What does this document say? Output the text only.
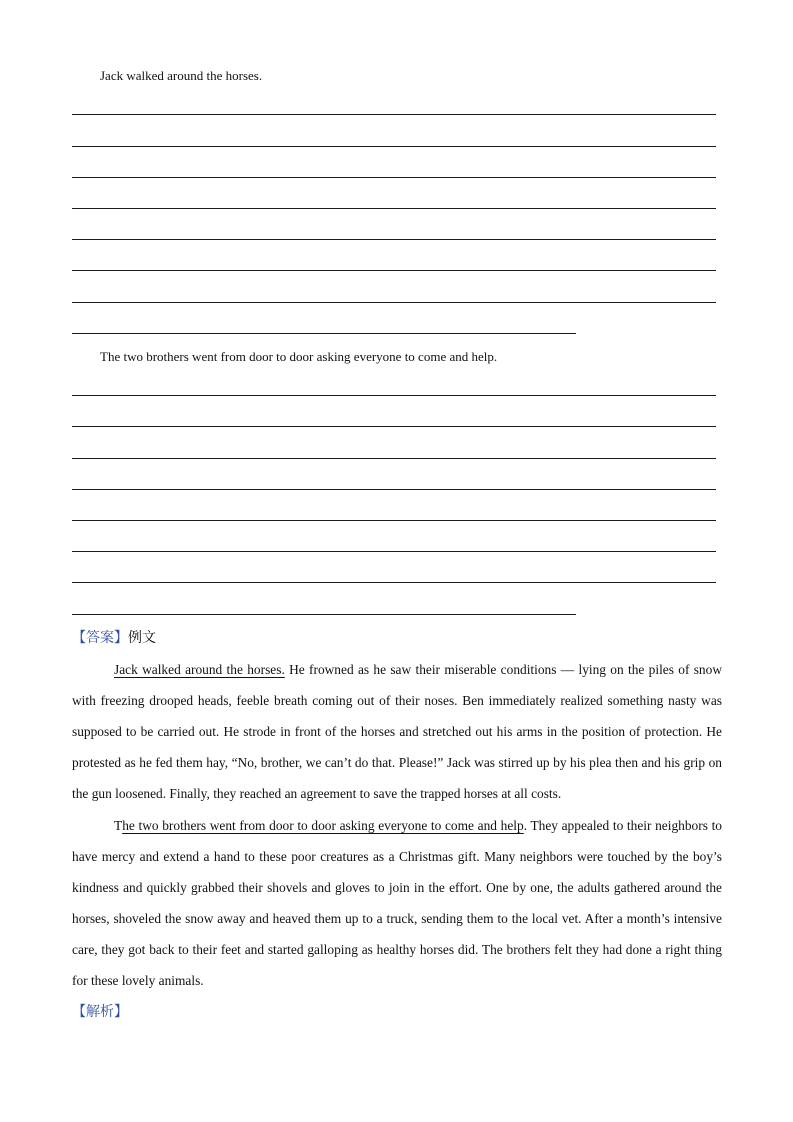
Jack walked around the horses.
The two brothers went from door to door asking everyone to come and help.
【答案】例文

Jack walked around the horses. He frowned as he saw their miserable conditions — lying on the piles of snow with freezing drooped heads, feeble breath coming out of their noses. Ben immediately realized something nasty was supposed to be carried out. He strode in front of the horses and stretched out his arms in the position of protection. He protested as he fed them hay, “No, brother, we can’t do that. Please!” Jack was stirred up by his plea then and his grip on the gun loosened. Finally, they reached an agreement to save the trapped horses at all costs.

The two brothers went from door to door asking everyone to come and help. They appealed to their neighbors to have mercy and extend a hand to these poor creatures as a Christmas gift. Many neighbors were touched by the boy’s kindness and quickly grabbed their shovels and gloves to join in the effort. One by one, the adults gathered around the horses, shoveled the snow away and heaved them up to a truck, sending them to the local vet. After a month’s intensive care, they got back to their feet and started galloping as healthy horses did. The brothers felt they had done a right thing for these lovely animals.

【解析】
